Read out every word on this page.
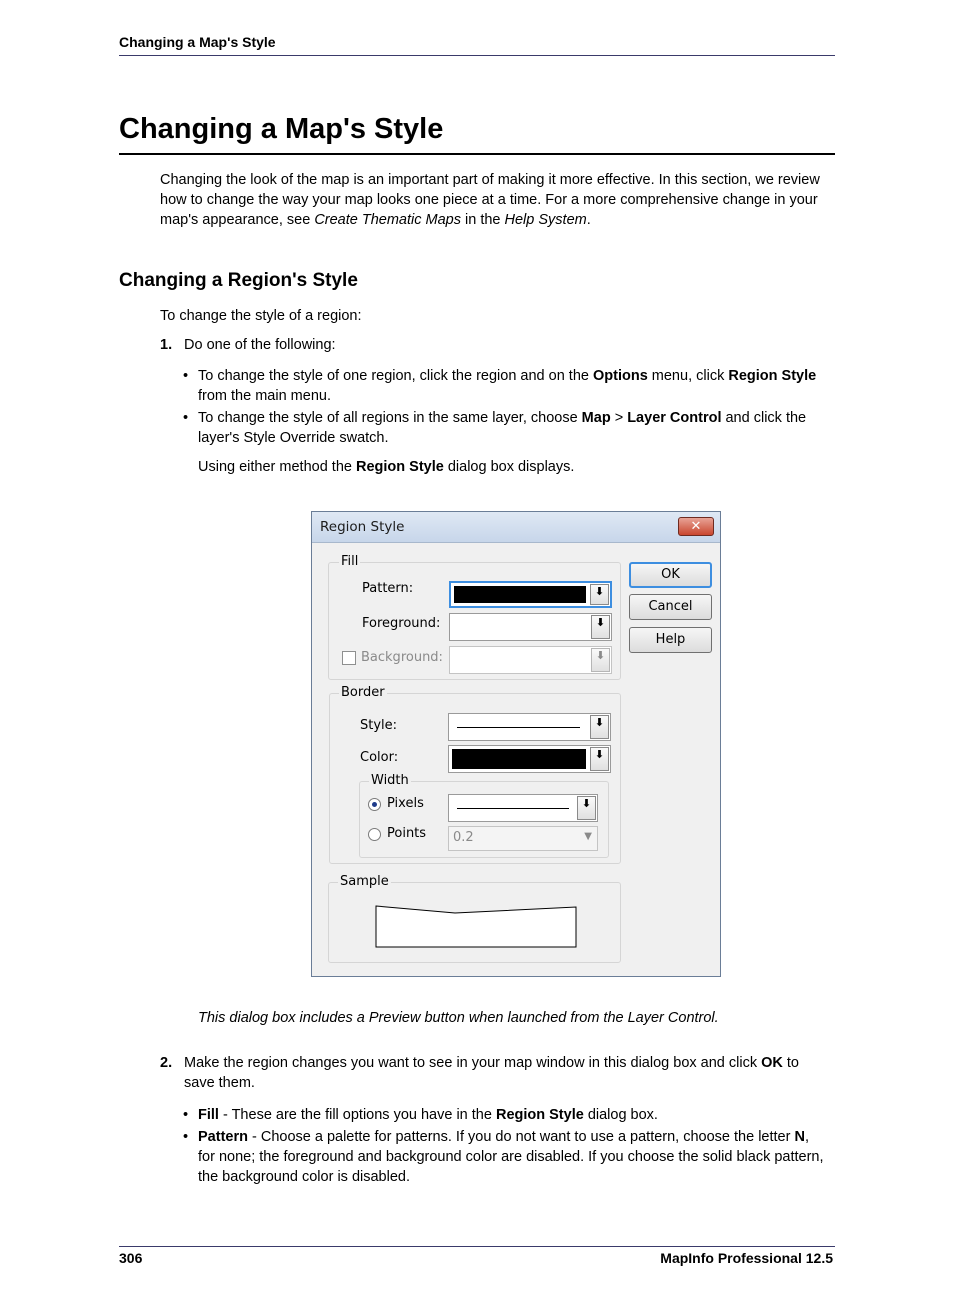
Changing a Map's Style
Changing a Map's Style
Changing the look of the map is an important part of making it more effective. In this section, we review
how to change the way your map looks one piece at a time. For a more comprehensive change in your
map's appearance, see Create Thematic Maps in the Help System.
Changing a Region's Style
To change the style of a region:
1. Do one of the following:
• To change the style of one region, click the region and on the Options menu, click Region Style
from the main menu.
• To change the style of all regions in the same layer, choose Map > Layer Control and click the
layer's Style Override swatch.
Using either method the Region Style dialog box displays.
Region Style	✕
Fill
Pattern:	⬇
Foreground:	⬇
Background:	⬇
Border
Style:	⬇
Color:	⬇
Width
Pixels	⬇
Points 0.2	▼
Sample
OK
Cancel
Help
This dialog box includes a Preview button when launched from the Layer Control.
2. Make the region changes you want to see in your map window in this dialog box and click OK to
save them.
• Fill - These are the fill options you have in the Region Style dialog box.
• Pattern - Choose a palette for patterns. If you do not want to use a pattern, choose the letter N,
for none; the foreground and background color are disabled. If you choose the solid black pattern,
the background color is disabled.
306	MapInfo Professional 12.5
